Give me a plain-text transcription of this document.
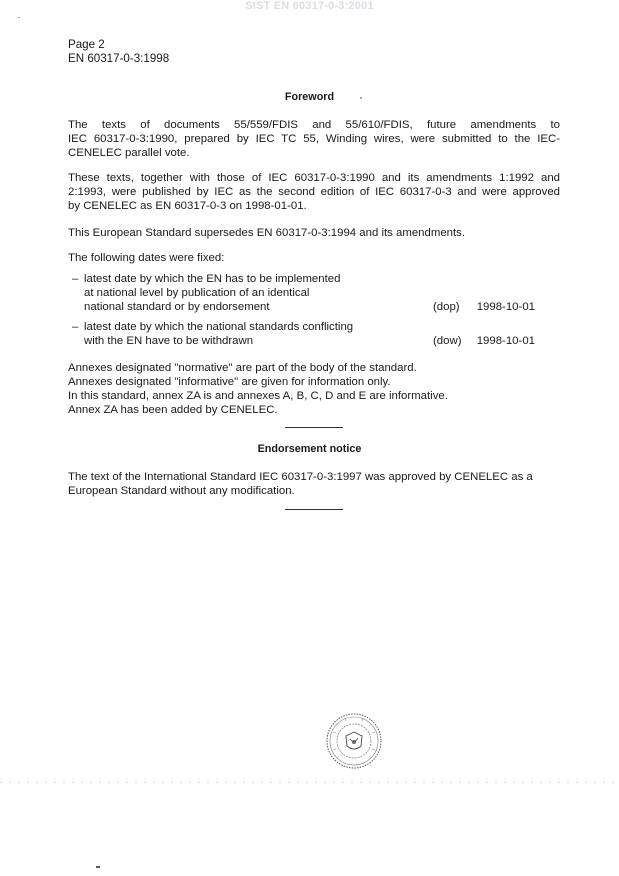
SIST EN 60317-0-3:2001
Page 2
EN 60317-0-3:1998
Foreword
The texts of documents 55/559/FDIS and 55/610/FDIS, future amendments to
IEC 60317-0-3:1990, prepared by IEC TC 55, Winding wires, were submitted to the IEC-
CENELEC parallel vote.
These texts, together with those of IEC 60317-0-3:1990 and its amendments 1:1992 and
2:1993, were published by IEC as the second edition of IEC 60317-0-3 and were approved
by CENELEC as EN 60317-0-3 on 1998-01-01.
This European Standard supersedes EN 60317-0-3:1994 and its amendments.
The following dates were fixed:
– latest date by which the EN has to be implemented
at national level by publication of an identical
national standard or by endorsement	(dop) 1998-10-01
– latest date by which the national standards conflicting
with the EN have to be withdrawn	(dow) 1998-10-01
Annexes designated "normative" are part of the body of the standard.
Annexes designated "informative" are given for information only.
In this standard, annex ZA is and annexes A, B, C, D and E are informative.
Annex ZA has been added by CENELEC.
Endorsement notice
The text of the International Standard IEC 60317-0-3:1997 was approved by CENELEC as a
European Standard without any modification.
